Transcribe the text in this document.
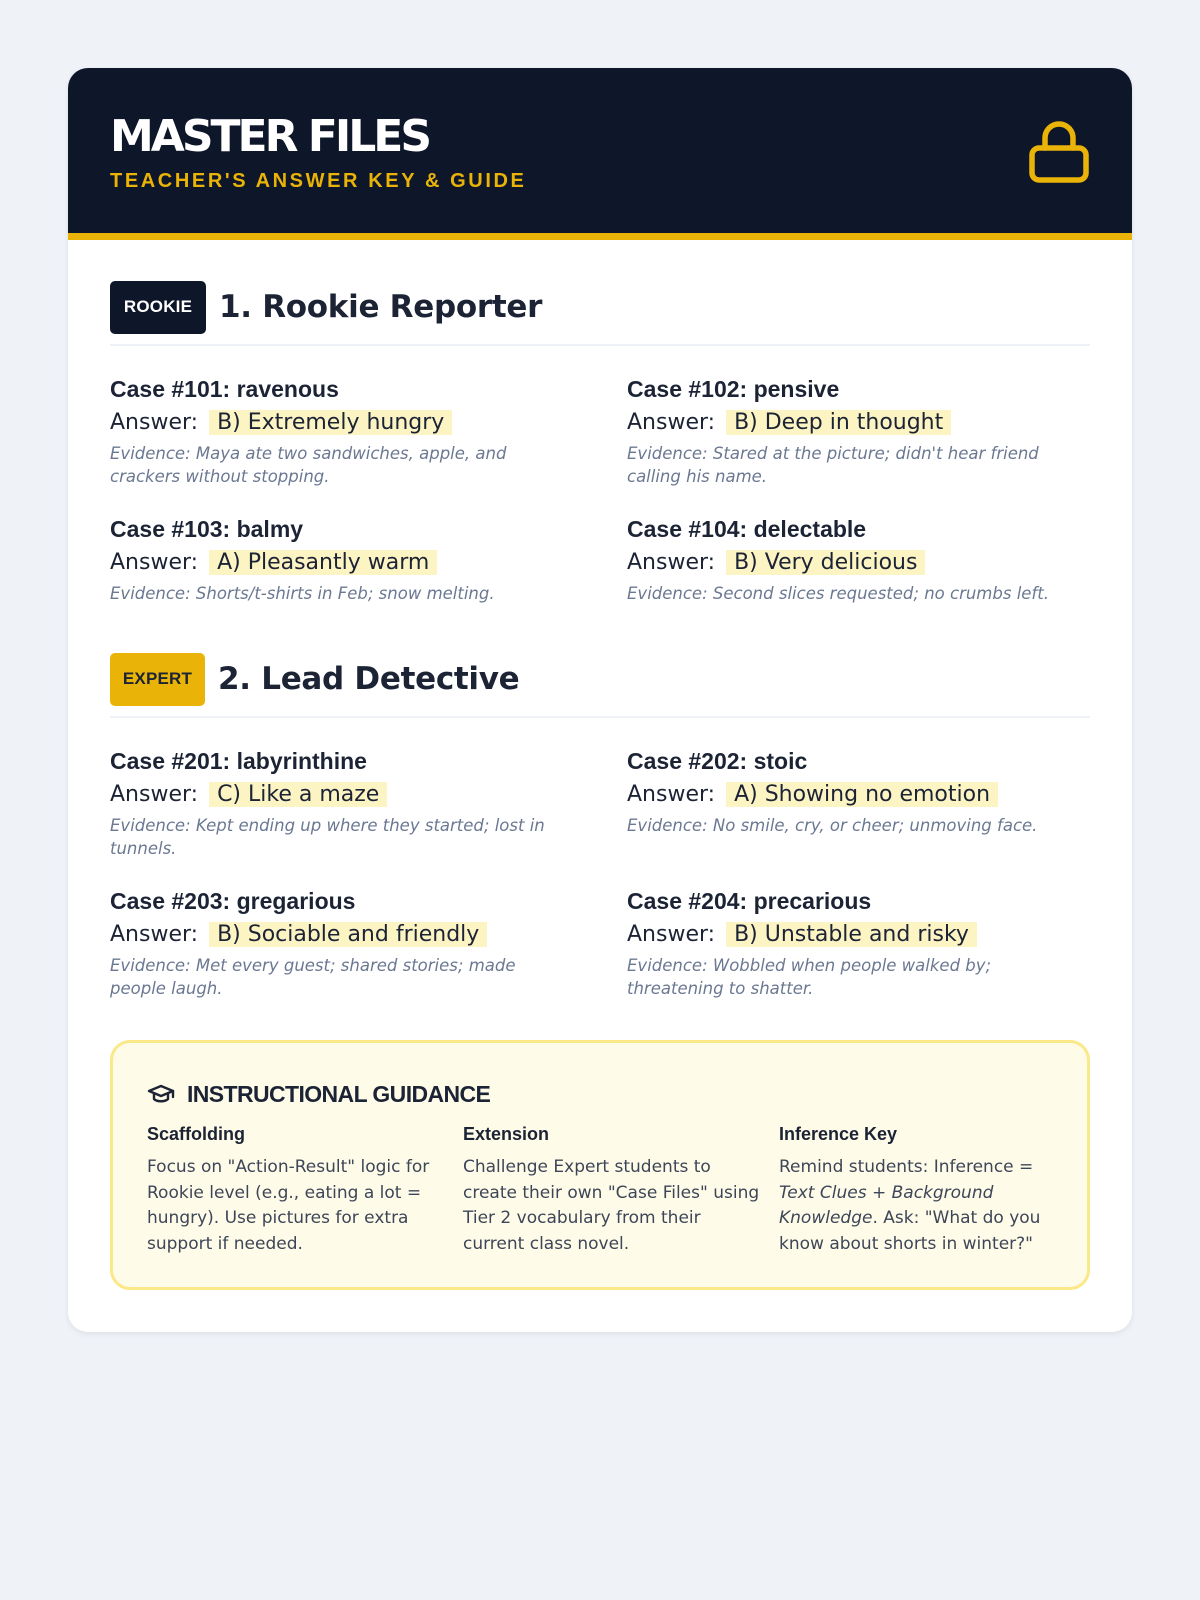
MASTER FILES
TEACHER'S ANSWER KEY & GUIDE
ROOKIE 1. Rookie Reporter
Case #101: ravenous
Answer: B) Extremely hungry
Evidence: Maya ate two sandwiches, apple, and crackers without stopping.
Case #102: pensive
Answer: B) Deep in thought
Evidence: Stared at the picture; didn't hear friend calling his name.
Case #103: balmy
Answer: A) Pleasantly warm
Evidence: Shorts/t-shirts in Feb; snow melting.
Case #104: delectable
Answer: B) Very delicious
Evidence: Second slices requested; no crumbs left.
EXPERT 2. Lead Detective
Case #201: labyrinthine
Answer: C) Like a maze
Evidence: Kept ending up where they started; lost in tunnels.
Case #202: stoic
Answer: A) Showing no emotion
Evidence: No smile, cry, or cheer; unmoving face.
Case #203: gregarious
Answer: B) Sociable and friendly
Evidence: Met every guest; shared stories; made people laugh.
Case #204: precarious
Answer: B) Unstable and risky
Evidence: Wobbled when people walked by; threatening to shatter.
INSTRUCTIONAL GUIDANCE
Scaffolding
Focus on "Action-Result" logic for Rookie level (e.g., eating a lot = hungry). Use pictures for extra support if needed.
Extension
Challenge Expert students to create their own "Case Files" using Tier 2 vocabulary from their current class novel.
Inference Key
Remind students: Inference = Text Clues + Background Knowledge. Ask: "What do you know about shorts in winter?"
